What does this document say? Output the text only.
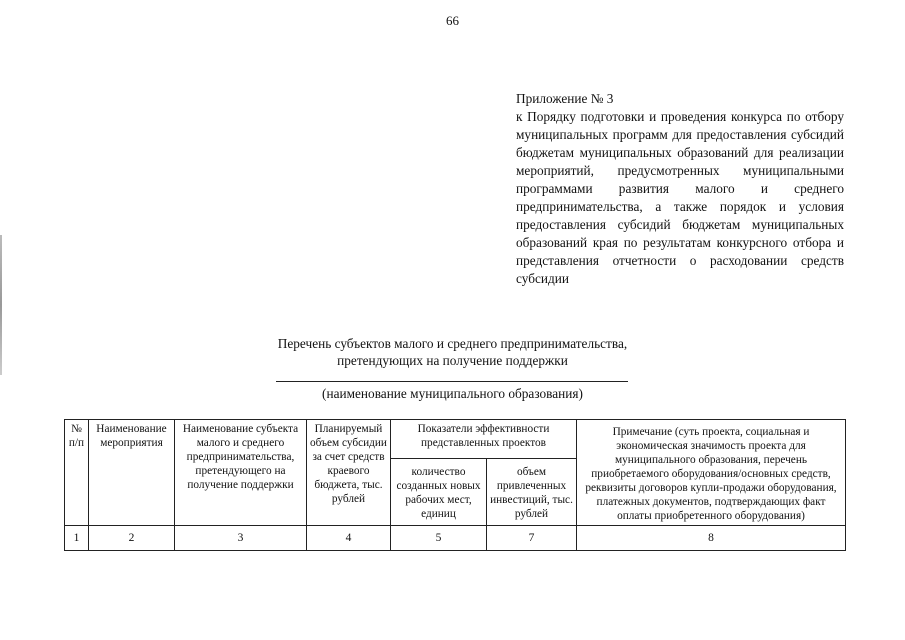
66
Приложение № 3
к Порядку подготовки и проведения конкурса по отбору муниципальных программ для предоставления субсидий бюджетам муниципальных образований для реализации мероприятий, предусмотренных муниципальными программами развития малого и среднего предпринимательства, а также порядок и условия предоставления субсидий бюджетам муниципальных образований края по результатам конкурсного отбора и представления отчетности о расходовании средств субсидии
Перечень субъектов малого и среднего предпринимательства,
претендующих на получение поддержки
(наименование муниципального образования)
№ п/п	Наименование мероприятия	Наименование субъекта малого и среднего предпринимательства, претендующего на получение поддержки	Планируемый объем субсидии за счет средств краевого бюджета, тыс. рублей	Показатели эффективности представленных проектов		Примечание (суть проекта, социальная и экономическая значимость проекта для муниципального образования, перечень приобретаемого оборудования/основных средств, реквизиты договоров купли-продажи оборудования, платежных документов, подтверждающих факт оплаты приобретенного оборудования)
				количество созданных новых рабочих мест, единиц	объем привлеченных инвестиций, тыс. рублей	
1	2	3	4	5	7	8
